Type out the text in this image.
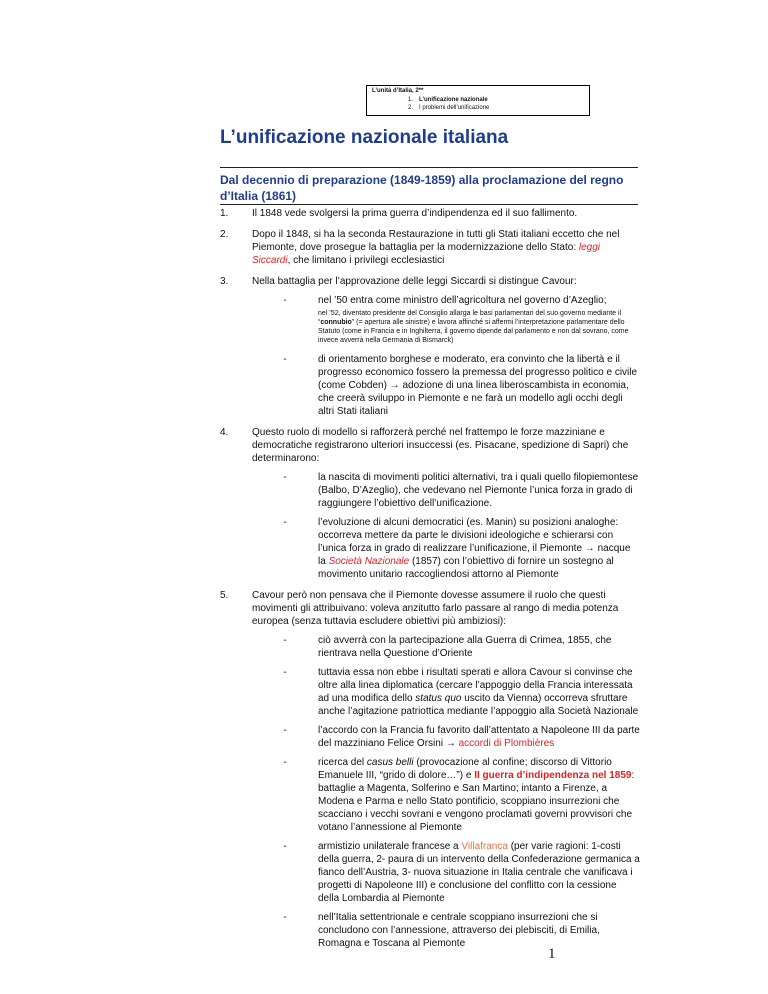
L’unità d’Italia, 2**
1. L’unificazione nazionale
2. I problemi dell’unificazione
L’unificazione nazionale italiana
Dal decennio di preparazione (1849-1859) alla proclamazione del regno d’Italia (1861)
1.	Il 1848 vede svolgersi la prima guerra d’indipendenza ed il suo fallimento.
2.	Dopo il 1848, si ha la seconda Restaurazione in tutti gli Stati italiani eccetto che nel Piemonte, dove prosegue la battaglia per la modernizzazione dello Stato: leggi Siccardi, che limitano i privilegi ecclesiastici
3.	Nella battaglia per l’approvazione delle leggi Siccardi si distingue Cavour:
-	nel ’50 entra come ministro dell’agricoltura nel governo d’Azeglio;
nel ’52, diventato presidente del Consiglio allarga le basi parlamentari del suo governo mediante il “connubio” (= apertura alle sinistre) e lavora affinché si affermi l’interpretazione parlamentare dello Statuto (come in Francia e in Inghilterra, il governo dipende dal parlamento e non dal sovrano, come invece avverrà nella Germania di Bismarck)
-	di orientamento borghese e moderato, era convinto che la libertà e il progresso economico fossero la premessa del progresso politico e civile (come Cobden) → adozione di una linea liberoscambista in economia, che creerà sviluppo in Piemonte e ne farà un modello agli occhi degli altri Stati italiani
4.	Questo ruolo di modello si rafforzerà perché nel frattempo le forze mazziniane e democratiche registrarono ulteriori insuccessi (es. Pisacane, spedizione di Sapri) che determinarono:
-	la nascita di movimenti politici alternativi, tra i quali quello filopiemontese (Balbo, D’Azeglio), che vedevano nel Piemonte l’unica forza in grado di raggiungere l’obiettivo dell’unificazione.
-	l’evoluzione di alcuni democratici (es. Manin) su posizioni analoghe: occorreva mettere da parte le divisioni ideologiche e schierarsi con l’unica forza in grado di realizzare l’unificazione, il Piemonte → nacque la Società Nazionale (1857) con l’obiettivo di fornire un sostegno al movimento unitario raccogliendosi attorno al Piemonte
5.	Cavour però non pensava che il Piemonte dovesse assumere il ruolo che questi movimenti gli attribuivano: voleva anzitutto farlo passare al rango di media potenza europea (senza tuttavia escludere obiettivi più ambiziosi):
-	ciò avverrà con la partecipazione alla Guerra di Crimea, 1855, che rientrava nella Questione d’Oriente
-	tuttavia essa non ebbe i risultati sperati e allora Cavour si convinse che oltre alla linea diplomatica (cercare l’appoggio della Francia interessata ad una modifica dello status quo uscito da Vienna) occorreva sfruttare anche l’agitazione patriottica mediante l’appoggio alla Società Nazionale
-	l’accordo con la Francia fu favorito dall’attentato a Napoleone III da parte del mazziniano Felice Orsini → accordi di Plombières
-	ricerca del casus belli (provocazione al confine; discorso di Vittorio Emanuele III, “grido di dolore…”) e II guerra d’indipendenza nel 1859: battaglie a Magenta, Solferino e San Martino; intanto a Firenze, a Modena e Parma e nello Stato pontificio, scoppiano insurrezioni che scacciano i vecchi sovrani e vengono proclamati governi provvisori che votano l’annessione al Piemonte
-	armistizio unilaterale francese a Villafranca (per varie ragioni: 1-costi della guerra, 2- paura di un intervento della Confederazione germanica a fianco dell’Austria, 3- nuova situazione in Italia centrale che vanificava i progetti di Napoleone III) e conclusione del conflitto con la cessione della Lombardia al Piemonte
-	nell’Italia settentrionale e centrale scoppiano insurrezioni che si concludono con l’annessione, attraverso dei plebisciti, di Emilia, Romagna e Toscana al Piemonte
1
